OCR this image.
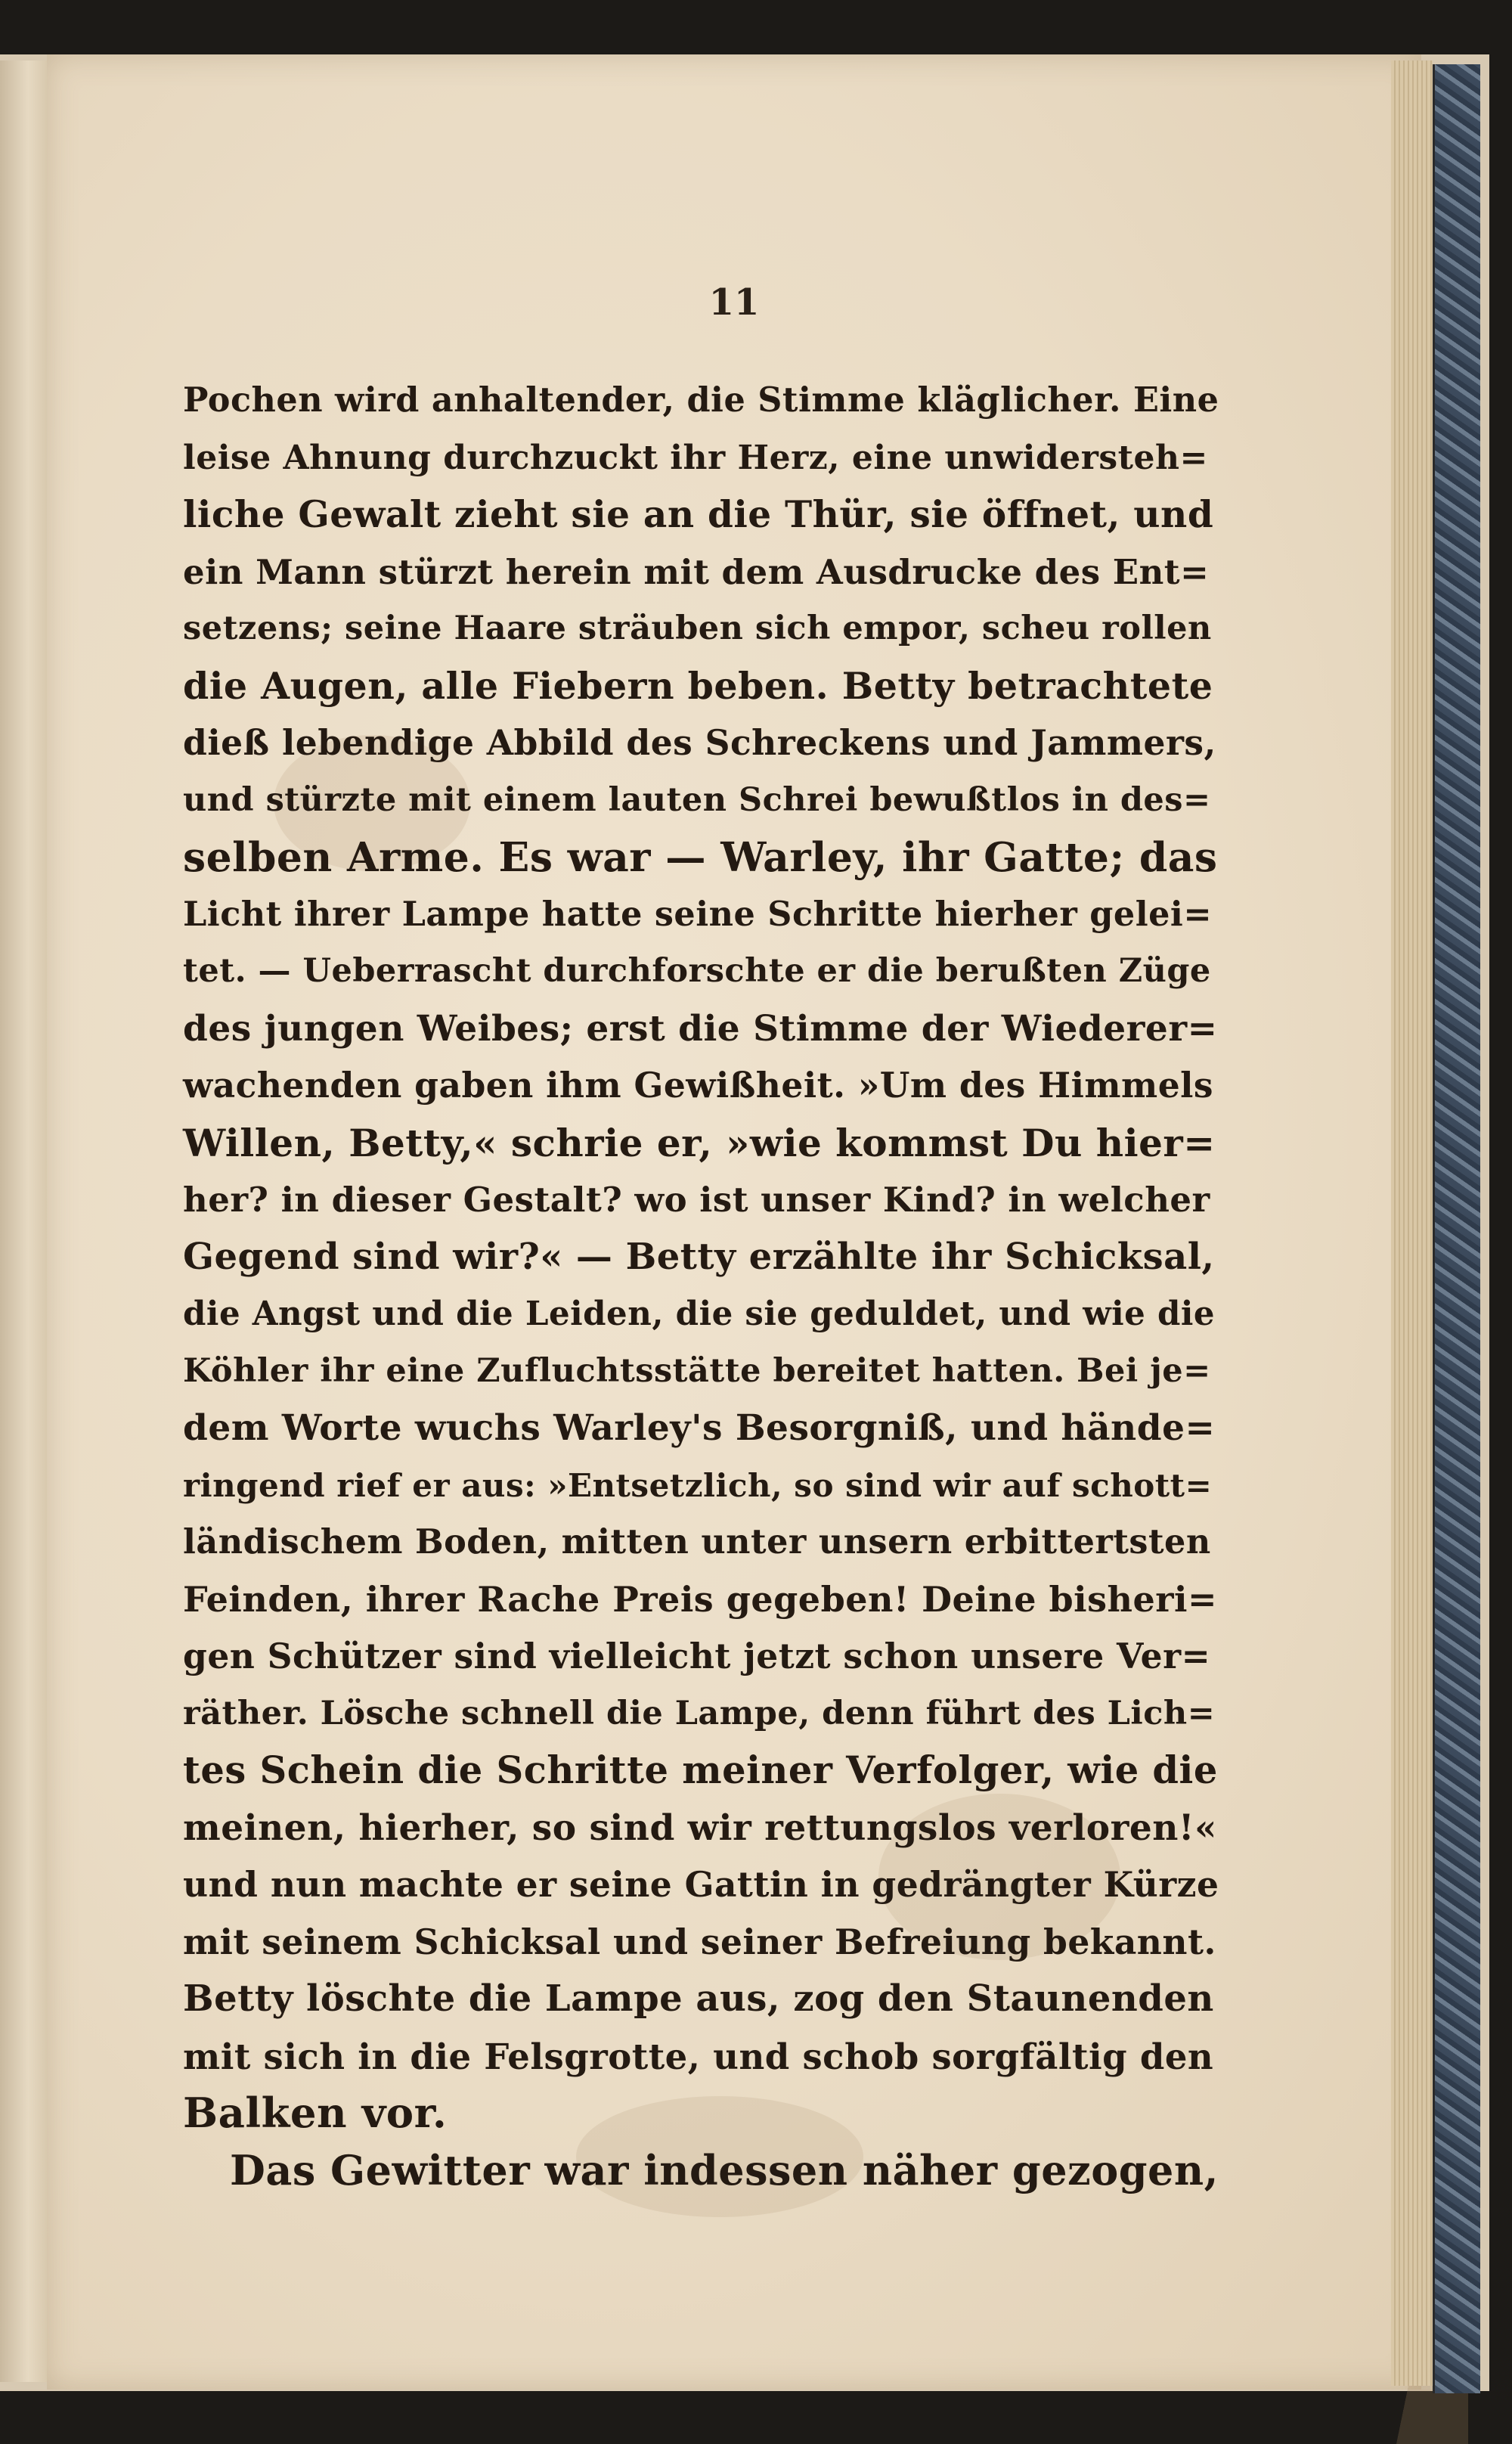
11
Pochen wird anhaltender, die Stimme kläglicher. Eine
leise Ahnung durchzuckt ihr Herz, eine unwidersteh=
liche Gewalt zieht sie an die Thür, sie öffnet, und
ein Mann stürzt herein mit dem Ausdrucke des Ent=
setzens; seine Haare sträuben sich empor, scheu rollen
die Augen, alle Fiebern beben. Betty betrachtete
dieß lebendige Abbild des Schreckens und Jammers,
und stürzte mit einem lauten Schrei bewußtlos in des=
selben Arme. Es war — Warley, ihr Gatte; das
Licht ihrer Lampe hatte seine Schritte hierher gelei=
tet. — Ueberrascht durchforschte er die berußten Züge
des jungen Weibes; erst die Stimme der Wiederer=
wachenden gaben ihm Gewißheit. »Um des Himmels
Willen, Betty,« schrie er, »wie kommst Du hier=
her? in dieser Gestalt? wo ist unser Kind? in welcher
Gegend sind wir?« — Betty erzählte ihr Schicksal,
die Angst und die Leiden, die sie geduldet, und wie die
Köhler ihr eine Zufluchtsstätte bereitet hatten. Bei je=
dem Worte wuchs Warley's Besorgniß, und hände=
ringend rief er aus: »Entsetzlich, so sind wir auf schott=
ländischem Boden, mitten unter unsern erbittertsten
Feinden, ihrer Rache Preis gegeben! Deine bisheri=
gen Schützer sind vielleicht jetzt schon unsere Ver=
räther. Lösche schnell die Lampe, denn führt des Lich=
tes Schein die Schritte meiner Verfolger, wie die
meinen, hierher, so sind wir rettungslos verloren!«
und nun machte er seine Gattin in gedrängter Kürze
mit seinem Schicksal und seiner Befreiung bekannt.
Betty löschte die Lampe aus, zog den Staunenden
mit sich in die Felsgrotte, und schob sorgfältig den
Balken vor.
Das Gewitter war indessen näher gezogen,
